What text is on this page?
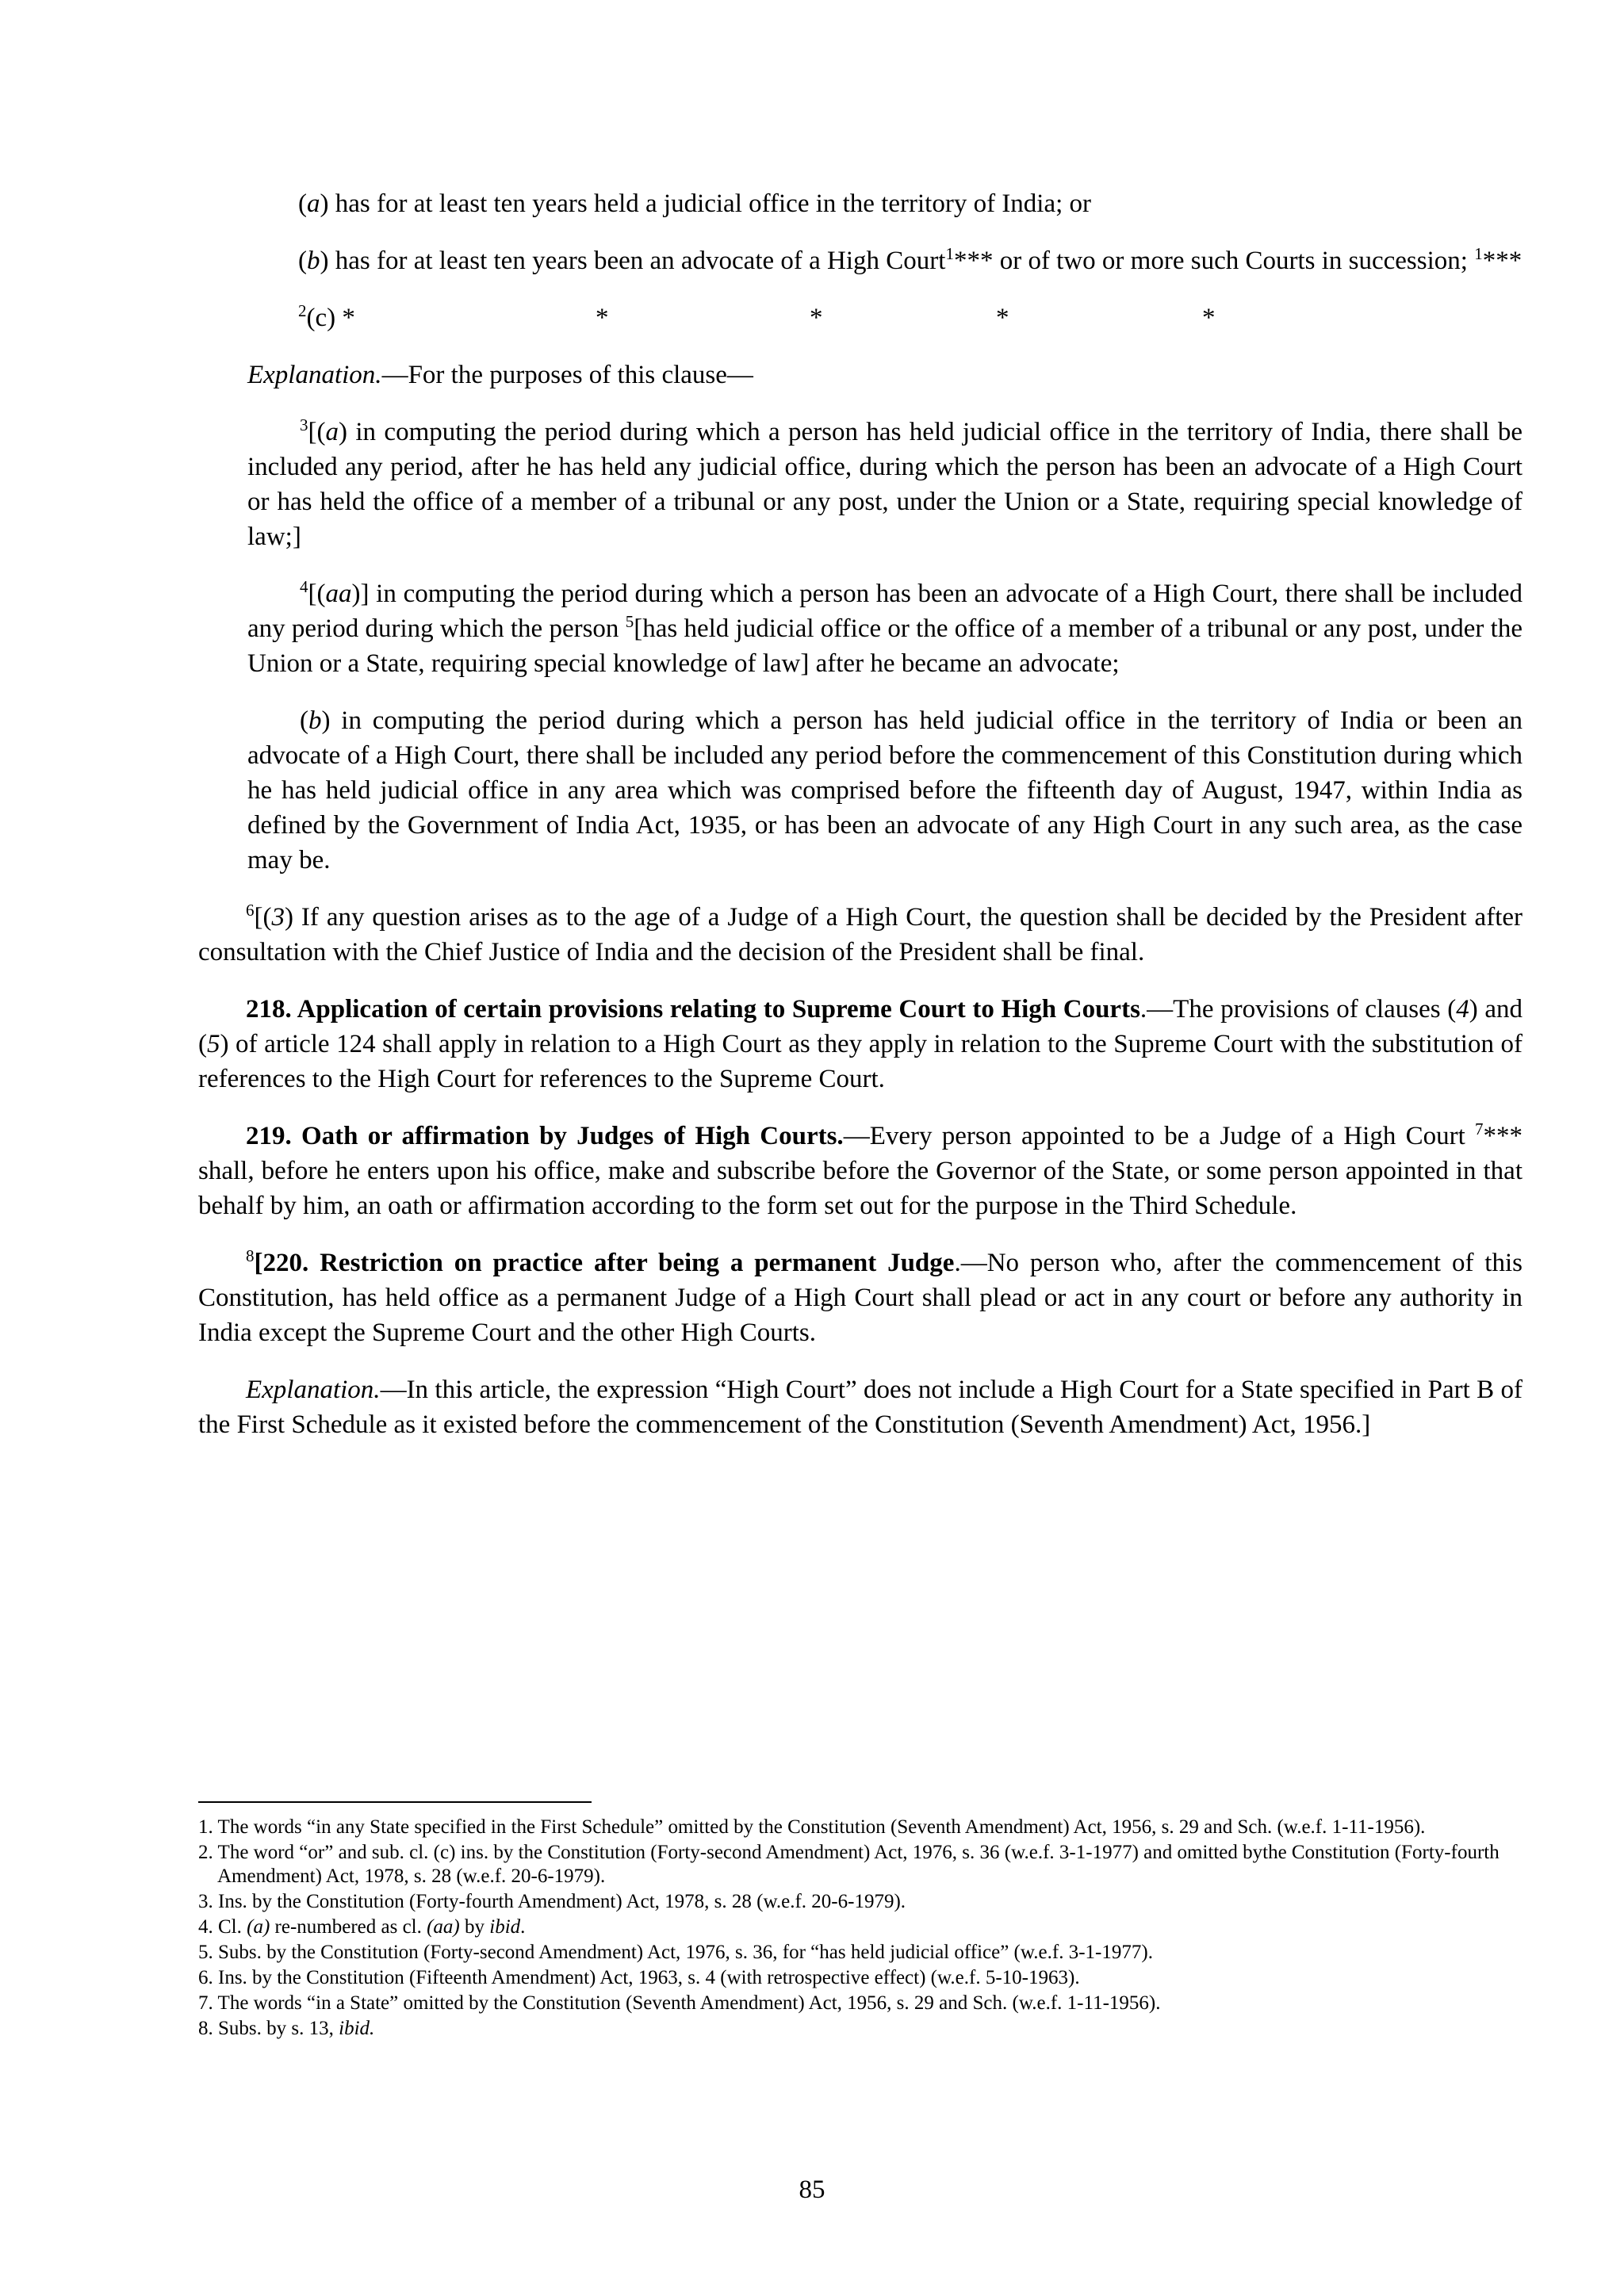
(a) has for at least ten years held a judicial office in the territory of India; or

(b) has for at least ten years been an advocate of a High Court$^1$*** or of two or more such Courts in succession; $^1$***

$^2$(c) *	*	*	*	*

Explanation.—For the purposes of this clause—

$^3$[(a) in computing the period during which a person has held judicial office in the territory of India, there shall be included any period, after he has held any judicial office, during which the person has been an advocate of a High Court or has held the office of a member of a tribunal or any post, under the Union or a State, requiring special knowledge of law;]

$^4$[(aa)] in computing the period during which a person has been an advocate of a High Court, there shall be included any period during which the person $^5$[has held judicial office or the office of a member of a tribunal or any post, under the Union or a State, requiring special knowledge of law] after he became an advocate;

(b) in computing the period during which a person has held judicial office in the territory of India or been an advocate of a High Court, there shall be included any period before the commencement of this Constitution during which he has held judicial office in any area which was comprised before the fifteenth day of August, 1947, within India as defined by the Government of India Act, 1935, or has been an advocate of any High Court in any such area, as the case may be.

$^6$[(3) If any question arises as to the age of a Judge of a High Court, the question shall be decided by the President after consultation with the Chief Justice of India and the decision of the President shall be final.

218. Application of certain provisions relating to Supreme Court to High Courts.—The provisions of clauses (4) and (5) of article 124 shall apply in relation to a High Court as they apply in relation to the Supreme Court with the substitution of references to the High Court for references to the Supreme Court.

219. Oath or affirmation by Judges of High Courts.—Every person appointed to be a Judge of a High Court $^7$*** shall, before he enters upon his office, make and subscribe before the Governor of the State, or some person appointed in that behalf by him, an oath or affirmation according to the form set out for the purpose in the Third Schedule.

$^8$[220. Restriction on practice after being a permanent Judge.—No person who, after the commencement of this Constitution, has held office as a permanent Judge of a High Court shall plead or act in any court or before any authority in India except the Supreme Court and the other High Courts.

Explanation.—In this article, the expression “High Court” does not include a High Court for a State specified in Part B of the First Schedule as it existed before the commencement of the Constitution (Seventh Amendment) Act, 1956.]

1. The words “in any State specified in the First Schedule” omitted by the Constitution (Seventh Amendment) Act, 1956, s. 29 and Sch. (w.e.f. 1-11-1956).

2. The word “or” and sub. cl. (c) ins. by the Constitution (Forty-second Amendment) Act, 1976, s. 36 (w.e.f. 3-1-1977) and omitted bythe Constitution (Forty-fourth Amendment) Act, 1978, s. 28 (w.e.f. 20-6-1979).

3. Ins. by the Constitution (Forty-fourth Amendment) Act, 1978, s. 28 (w.e.f. 20-6-1979).

4. Cl. (a) re-numbered as cl. (aa) by ibid.

5. Subs. by the Constitution (Forty-second Amendment) Act, 1976, s. 36, for “has held judicial office” (w.e.f. 3-1-1977).

6. Ins. by the Constitution (Fifteenth Amendment) Act, 1963, s. 4 (with retrospective effect) (w.e.f. 5-10-1963).

7. The words “in a State” omitted by the Constitution (Seventh Amendment) Act, 1956, s. 29 and Sch. (w.e.f. 1-11-1956).

8. Subs. by s. 13, ibid.

85
